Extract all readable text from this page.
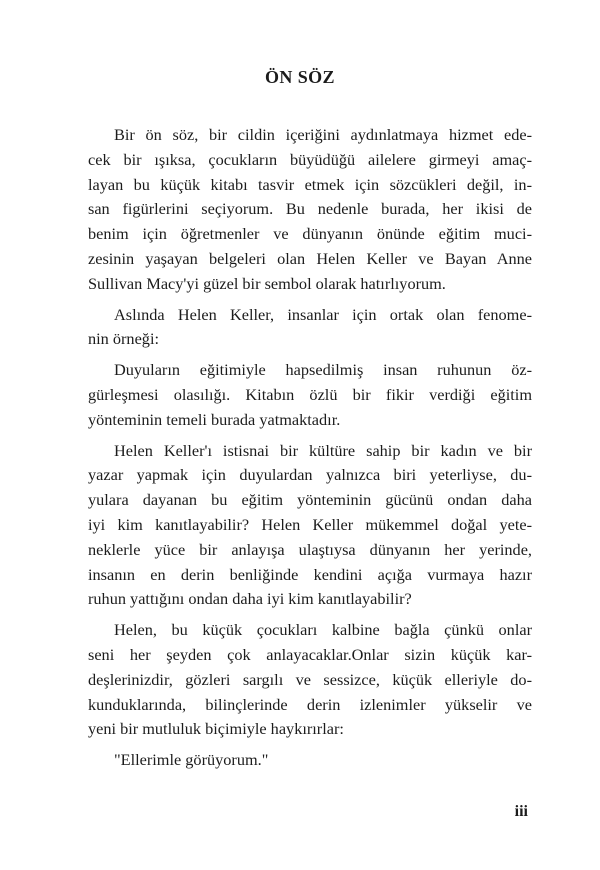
ÖN SÖZ
Bir ön söz, bir cildin içeriğini aydınlatmaya hizmet ede-
cek bir ışıksa, çocukların büyüdüğü ailelere girmeyi amaç-
layan bu küçük kitabı tasvir etmek için sözcükleri değil, in-
san figürlerini seçiyorum. Bu nedenle burada, her ikisi de
benim için öğretmenler ve dünyanın önünde eğitim muci-
zesinin yaşayan belgeleri olan Helen Keller ve Bayan Anne
Sullivan Macy'yi güzel bir sembol olarak hatırlıyorum.
Aslında Helen Keller, insanlar için ortak olan fenome-
nin örneği:
Duyuların eğitimiyle hapsedilmiş insan ruhunun öz-
gürleşmesi olasılığı. Kitabın özlü bir fikir verdiği eğitim
yönteminin temeli burada yatmaktadır.
Helen Keller'ı istisnai bir kültüre sahip bir kadın ve bir
yazar yapmak için duyulardan yalnızca biri yeterliyse, du-
yulara dayanan bu eğitim yönteminin gücünü ondan daha
iyi kim kanıtlayabilir? Helen Keller mükemmel doğal yete-
neklerle yüce bir anlayışa ulaştıysa dünyanın her yerinde,
insanın en derin benliğinde kendini açığa vurmaya hazır
ruhun yattığını ondan daha iyi kim kanıtlayabilir?
Helen, bu küçük çocukları kalbine bağla çünkü onlar
seni her şeyden çok anlayacaklar.Onlar sizin küçük kar-
deşlerinizdir, gözleri sargılı ve sessizce, küçük elleriyle do-
kunduklarında, bilinçlerinde derin izlenimler yükselir ve
yeni bir mutluluk biçimiyle haykırırlar:
"Ellerimle görüyorum."
iii
